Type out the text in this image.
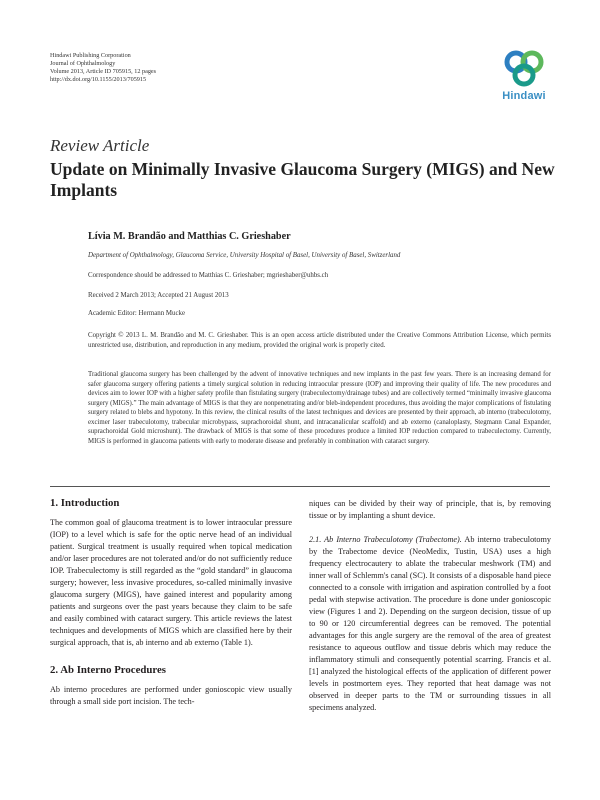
Hindawi Publishing Corporation
Journal of Ophthalmology
Volume 2013, Article ID 705915, 12 pages
http://dx.doi.org/10.1155/2013/705915
Hindawi
Review Article
Update on Minimally Invasive Glaucoma Surgery (MIGS) and New Implants
Lívia M. Brandão and Matthias C. Grieshaber
Department of Ophthalmology, Glaucoma Service, University Hospital of Basel, University of Basel, Switzerland
Correspondence should be addressed to Matthias C. Grieshaber; mgrieshaber@uhbs.ch
Received 2 March 2013; Accepted 21 August 2013
Academic Editor: Hermann Mucke
Copyright © 2013 L. M. Brandão and M. C. Grieshaber. This is an open access article distributed under the Creative Commons Attribution License, which permits unrestricted use, distribution, and reproduction in any medium, provided the original work is properly cited.
Traditional glaucoma surgery has been challenged by the advent of innovative techniques and new implants in the past few years. There is an increasing demand for safer glaucoma surgery offering patients a timely surgical solution in reducing intraocular pressure (IOP) and improving their quality of life. The new procedures and devices aim to lower IOP with a higher safety profile than fistulating surgery (trabeculectomy/drainage tubes) and are collectively termed “minimally invasive glaucoma surgery (MIGS).” The main advantage of MIGS is that they are nonpenetrating and/or bleb-independent procedures, thus avoiding the major complications of fistulating surgery related to blebs and hypotony. In this review, the clinical results of the latest techniques and devices are presented by their approach, ab interno (trabeculotomy, excimer laser trabeculotomy, trabecular microbypass, suprachoroidal shunt, and intracanalicular scaffold) and ab externo (canaloplasty, Stegmann Canal Expander, suprachoroidal Gold microshunt). The drawback of MIGS is that some of these procedures produce a limited IOP reduction compared to trabeculectomy. Currently, MIGS is performed in glaucoma patients with early to moderate disease and preferably in combination with cataract surgery.
1. Introduction

The common goal of glaucoma treatment is to lower intraocular pressure (IOP) to a level which is safe for the optic nerve head of an individual patient. Surgical treatment is usually required when topical medication and/or laser procedures are not tolerated and/or do not sufficiently reduce IOP. Trabeculectomy is still regarded as the “gold standard” in glaucoma surgery; however, less invasive procedures, so-called minimally invasive glaucoma surgery (MIGS), have gained interest and popularity among patients and surgeons over the past years because they claim to be safe and easily combined with cataract surgery. This article reviews the latest techniques and developments of MIGS which are classified here by their surgical approach, that is, ab interno and ab externo (Table 1).

2. Ab Interno Procedures

Ab interno procedures are performed under gonioscopic view usually through a small side port incision. The tech-

niques can be divided by their way of principle, that is, by removing tissue or by implanting a shunt device.

2.1. Ab Interno Trabeculotomy (Trabectome). Ab interno trabeculotomy by the Trabectome device (NeoMedix, Tustin, USA) uses a high frequency electrocautery to ablate the trabecular meshwork (TM) and inner wall of Schlemm's canal (SC). It consists of a disposable hand piece connected to a console with irrigation and aspiration controlled by a foot pedal with stepwise activation. The procedure is done under gonioscopic view (Figures 1 and 2). Depending on the surgeon decision, tissue of up to 90 or 120 circumferential degrees can be removed. The potential advantages for this angle surgery are the removal of the area of greatest resistance to aqueous outflow and tissue debris which may reduce the inflammatory stimuli and consequently potential scarring. Francis et al. [1] analyzed the histological effects of the application of different power levels in postmortem eyes. They reported that heat damage was not observed in deeper parts to the TM or surrounding tissues in all specimens analyzed.
